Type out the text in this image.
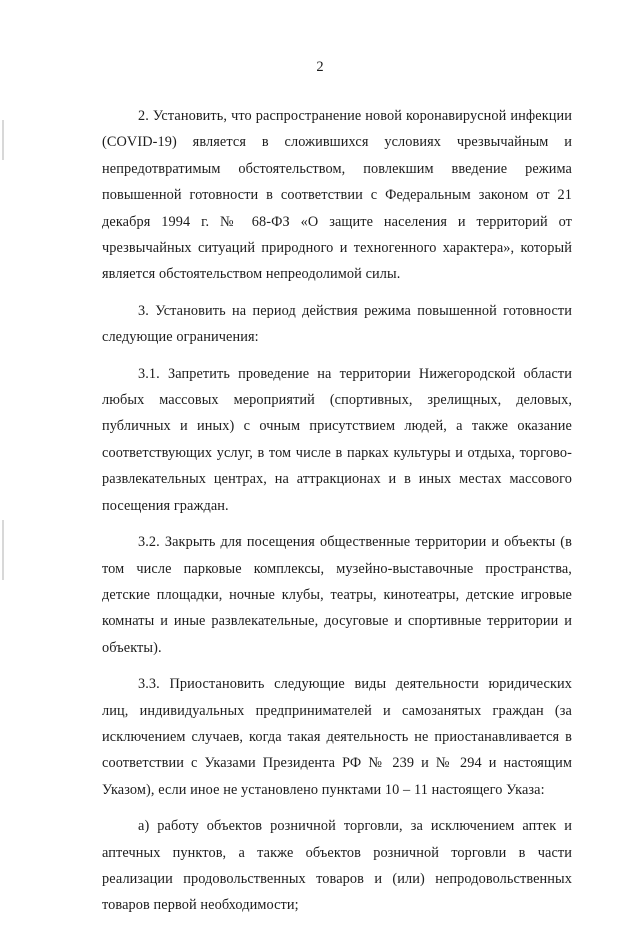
2

2. Установить, что распространение новой коронавирусной инфекции (COVID-19) является в сложившихся условиях чрезвычайным и непредотвратимым обстоятельством, повлекшим введение режима повышенной готовности в соответствии с Федеральным законом от 21 декабря 1994 г. № 68-ФЗ «О защите населения и территорий от чрезвычайных ситуаций природного и техногенного характера», который является обстоятельством непреодолимой силы.

3. Установить на период действия режима повышенной готовности следующие ограничения:

3.1. Запретить проведение на территории Нижегородской области любых массовых мероприятий (спортивных, зрелищных, деловых, публичных и иных) с очным присутствием людей, а также оказание соответствующих услуг, в том числе в парках культуры и отдыха, торгово-развлекательных центрах, на аттракционах и в иных местах массового посещения граждан.

3.2. Закрыть для посещения общественные территории и объекты (в том числе парковые комплексы, музейно-выставочные пространства, детские площадки, ночные клубы, театры, кинотеатры, детские игровые комнаты и иные развлекательные, досуговые и спортивные территории и объекты).

3.3. Приостановить следующие виды деятельности юридических лиц, индивидуальных предпринимателей и самозанятых граждан (за исключением случаев, когда такая деятельность не приостанавливается в соответствии с Указами Президента РФ № 239 и № 294 и настоящим Указом), если иное не установлено пунктами 10 – 11 настоящего Указа:

а) работу объектов розничной торговли, за исключением аптек и аптечных пунктов, а также объектов розничной торговли в части реализации продовольственных товаров и (или) непродовольственных товаров первой необходимости;
